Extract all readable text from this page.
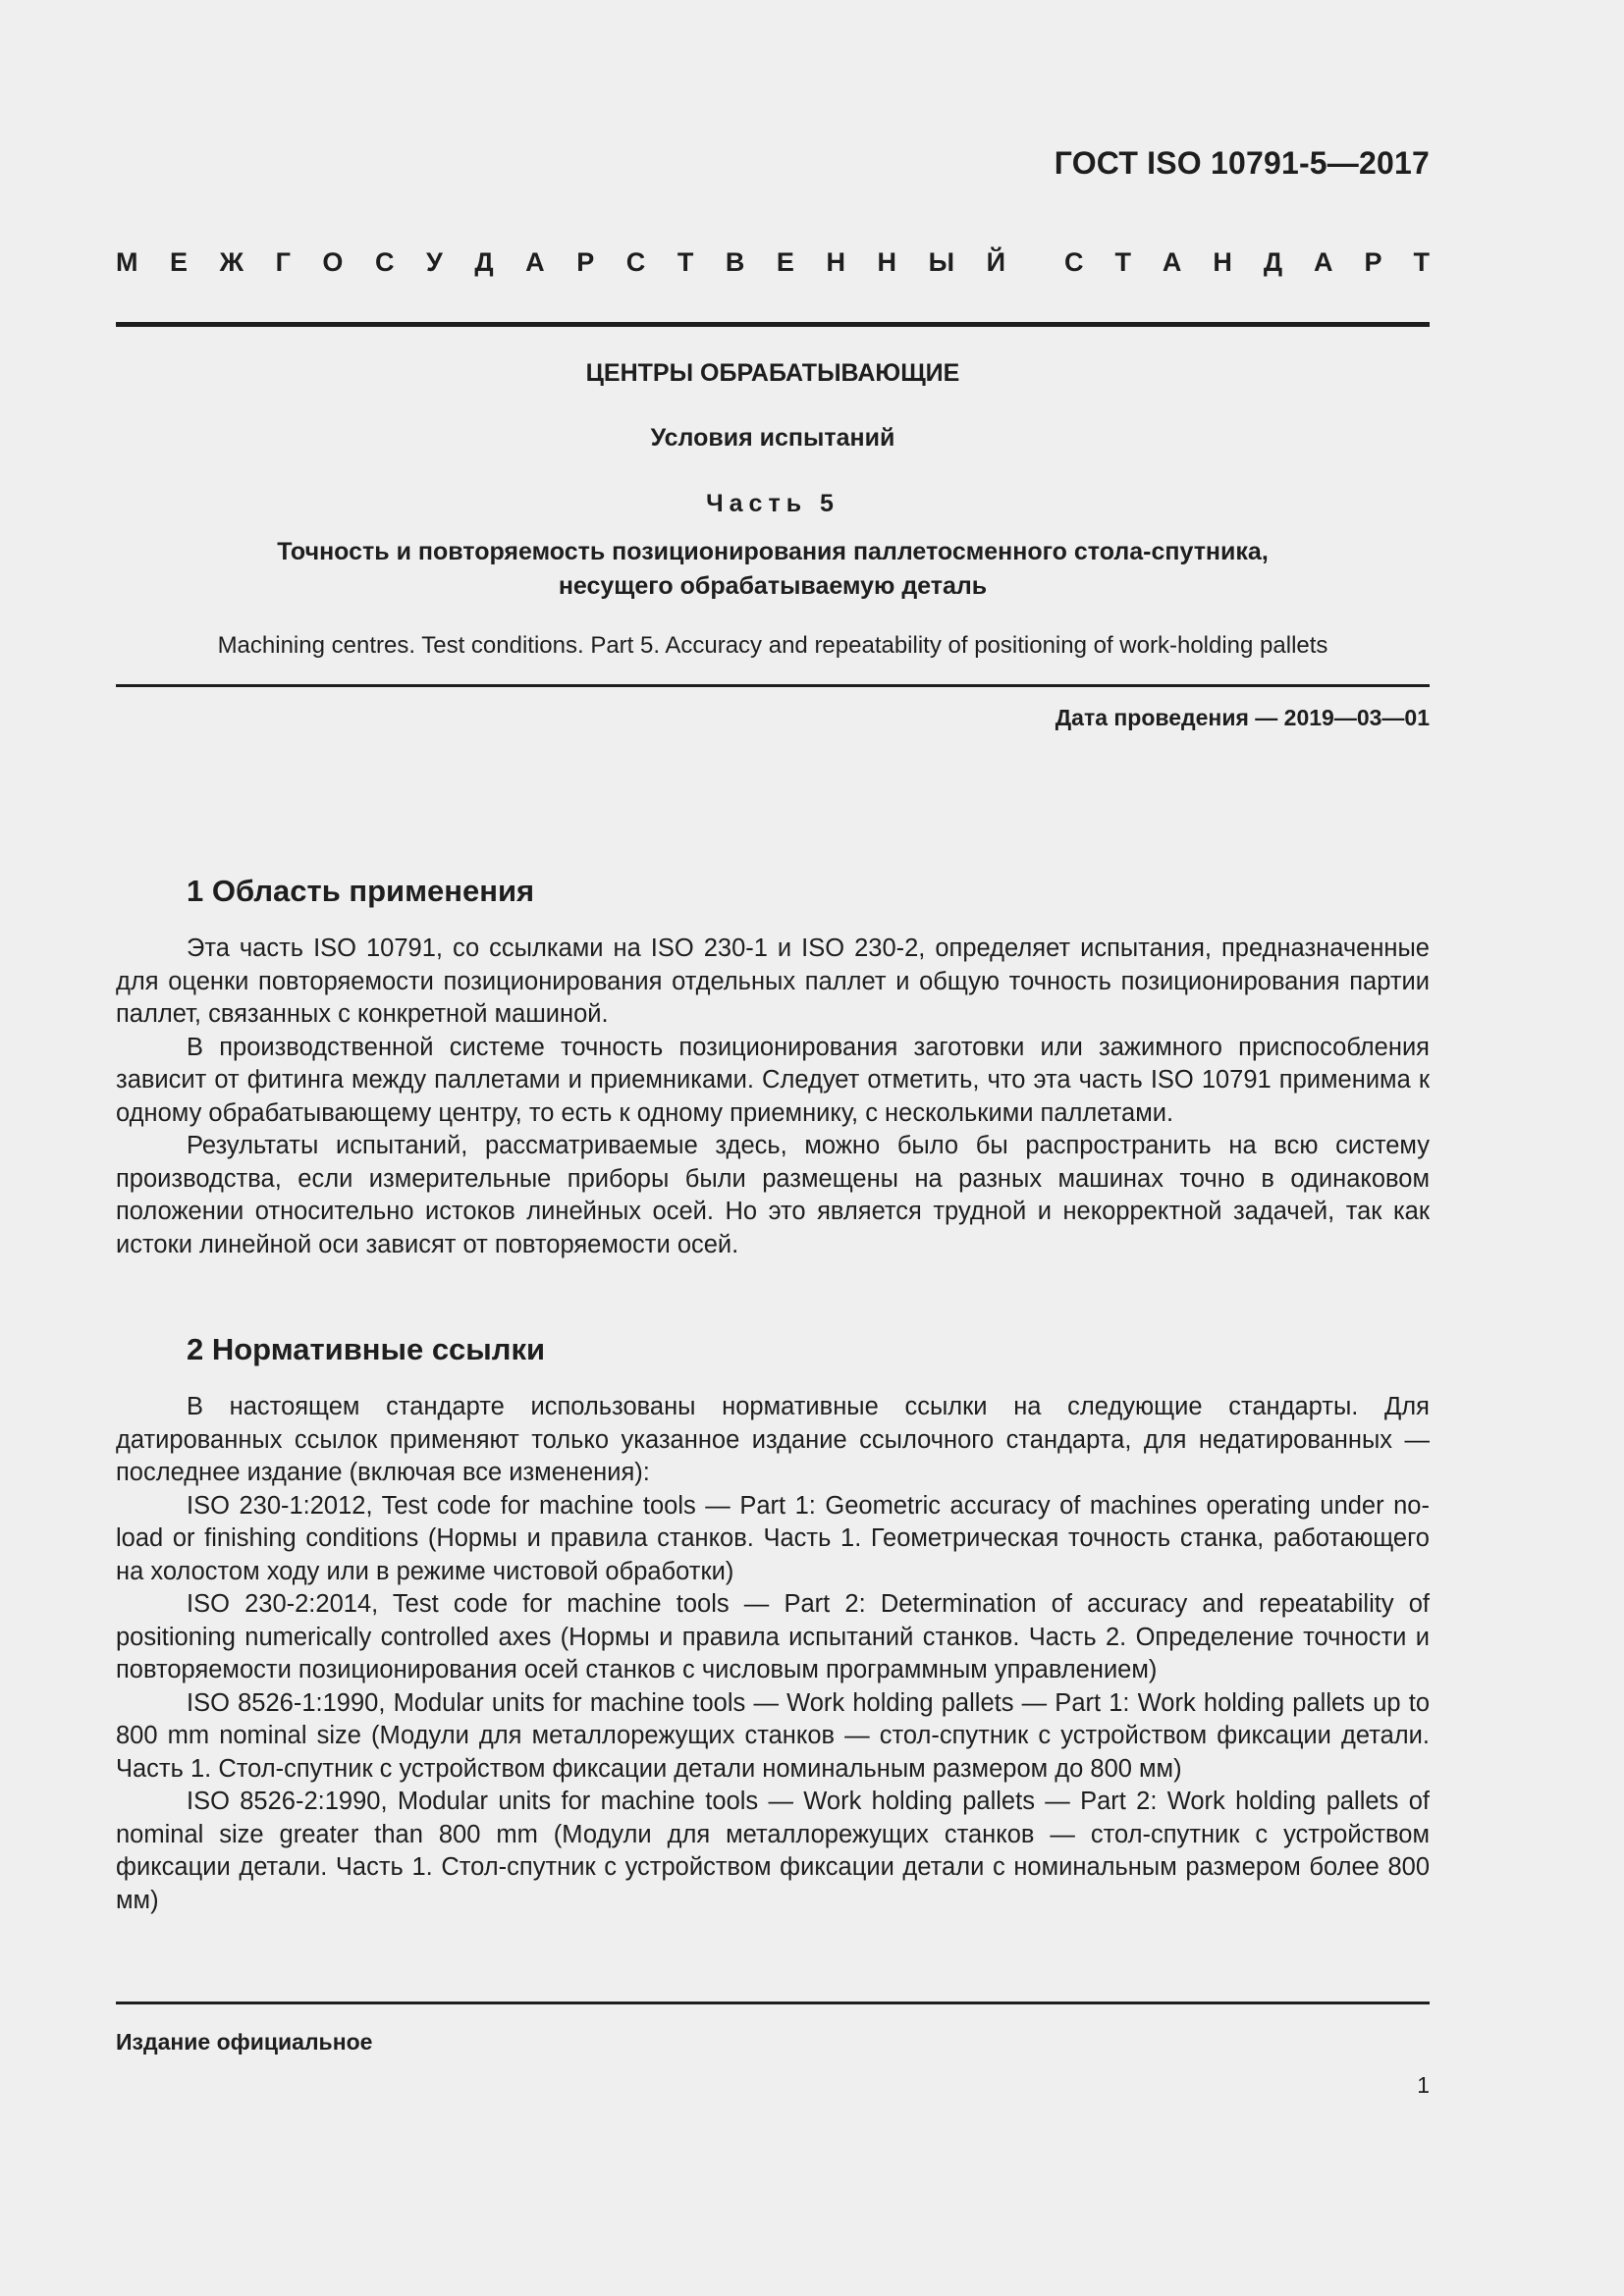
ГОСТ ISO 10791-5—2017
М Е Ж Г О С У Д А Р С Т В Е Н Н Ы Й С Т А Н Д А Р Т
ЦЕНТРЫ ОБРАБАТЫВАЮЩИЕ
Условия испытаний
Часть 5
Точность и повторяемость позиционирования паллетосменного стола-спутника,
несущего обрабатываемую деталь
Machining centres. Test conditions. Part 5. Accuracy and repeatability of positioning of work-holding pallets
Дата проведения — 2019—03—01
1 Область применения

Эта часть ISO 10791, со ссылками на ISO 230-1 и ISO 230-2, определяет испытания, предназначенные для оценки повторяемости позиционирования отдельных паллет и общую точность позиционирования партии паллет, связанных с конкретной машиной.

В производственной системе точность позиционирования заготовки или зажимного приспособления зависит от фитинга между паллетами и приемниками. Следует отметить, что эта часть ISO 10791 применима к одному обрабатывающему центру, то есть к одному приемнику, с несколькими паллетами.

Результаты испытаний, рассматриваемые здесь, можно было бы распространить на всю систему производства, если измерительные приборы были размещены на разных машинах точно в одинаковом положении относительно истоков линейных осей. Но это является трудной и некорректной задачей, так как истоки линейной оси зависят от повторяемости осей.

2 Нормативные ссылки

В настоящем стандарте использованы нормативные ссылки на следующие стандарты. Для датированных ссылок применяют только указанное издание ссылочного стандарта, для недатированных — последнее издание (включая все изменения):

ISO 230-1:2012, Test code for machine tools — Part 1: Geometric accuracy of machines operating under no-load or finishing conditions (Нормы и правила станков. Часть 1. Геометрическая точность станка, работающего на холостом ходу или в режиме чистовой обработки)

ISO 230-2:2014, Test code for machine tools — Part 2: Determination of accuracy and repeatability of positioning numerically controlled axes (Нормы и правила испытаний станков. Часть 2. Определение точности и повторяемости позиционирования осей станков с числовым программным управлением)

ISO 8526-1:1990, Modular units for machine tools — Work holding pallets — Part 1: Work holding pallets up to 800 mm nominal size (Модули для металлорежущих станков — стол-спутник с устройством фиксации детали. Часть 1. Стол-спутник с устройством фиксации детали номинальным размером до 800 мм)

ISO 8526-2:1990, Modular units for machine tools — Work holding pallets — Part 2: Work holding pallets of nominal size greater than 800 mm (Модули для металлорежущих станков — стол-спутник с устройством фиксации детали. Часть 1. Стол-спутник с устройством фиксации детали с номинальным размером более 800 мм)

Издание официальное
1
